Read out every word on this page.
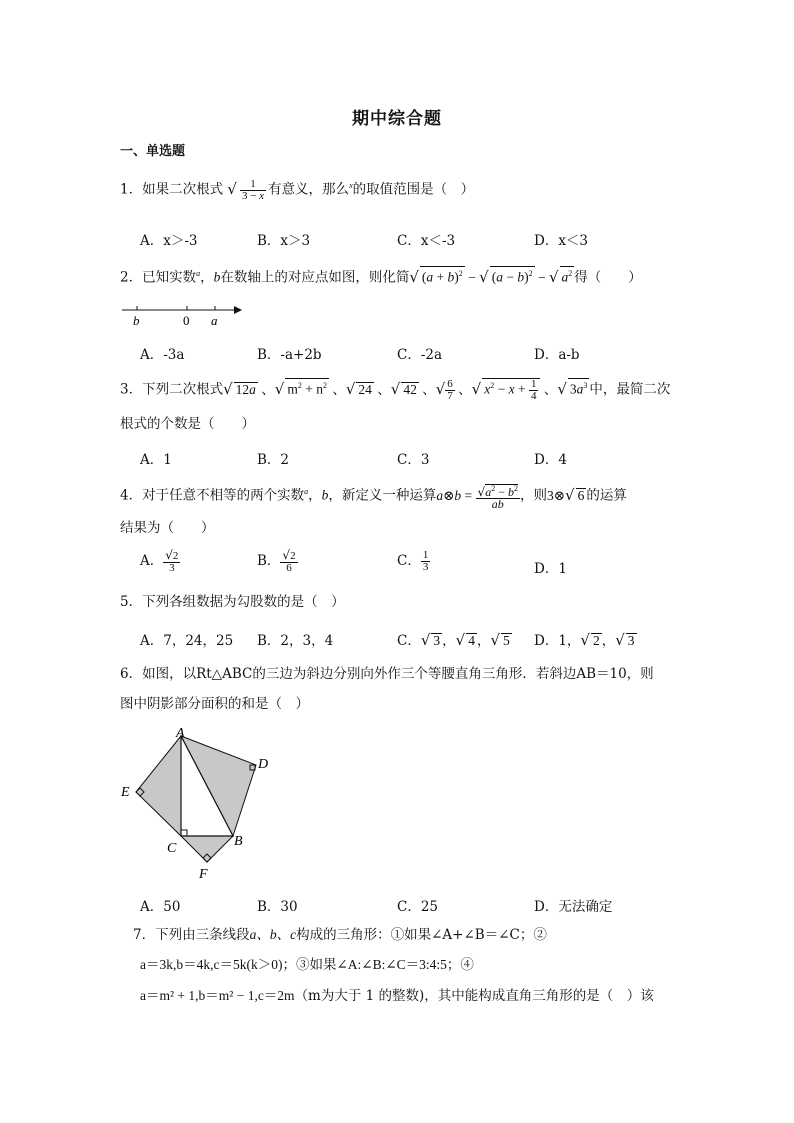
期中综合题
一、单选题
1．如果二次根式 √ $\frac{1}{3 - x}$ 有意义，那么$^x$的取值范围是（　）
A．x＞-3	B．x＞3	C．x＜-3	D．x＜3
2．已知实数$^a$，b在数轴上的对应点如图，则化简√ $(a + b)^2$ − √ $(a - b)^2$ − √ $a^2$ 得（　　）
b	0 a
A．-3a	B．-a+2b	C．-2a	D．a-b
3．下列二次根式√ 12a 、√ $m^2 + n^2$ 、√ 24 、√ 42 、√ $\frac{6}{7}$ 、√ $x^2 - x + \frac{1}{4}$ 、√ $3a^3$ 中，最简二次
根式的个数是（　　）
A．1	B．2	C．3	D．4
4．对于任意不相等的两个实数$^a$，b，新定义一种运算a⊗b = $\frac{√a^2 - b^2}{ab}$ ，则3⊗√ 6 的运算
结果为（　　）
A． $\frac{√2}{3}$	B． $\frac{√2}{6}$	C． $\frac{1}{3}$	D．1
5．下列各组数据为勾股数的是（　）
A．7，24，25 B．2，3，4	C．√ 3 ，√ 4 ，√ 5 D．1，√ 2 ，√ 3
6．如图，以Rt△ABC的三边为斜边分别向外作三个等腰直角三角形．若斜边AB＝10，则
图中阴影部分面积的和是（　）
A
D
E
C	B
F
A．50	B．30	C．25	D．无法确定
7．下列由三条线段a、b、c构成的三角形：①如果∠A+∠B＝∠C；②
a＝3k,b＝4k,c＝5k(k＞0)；③如果∠A:∠B:∠C＝3:4:5；④
a＝m² + 1,b＝m² − 1,c＝2m（m为大于 1 的整数)，其中能构成直角三角形的是（　）该
